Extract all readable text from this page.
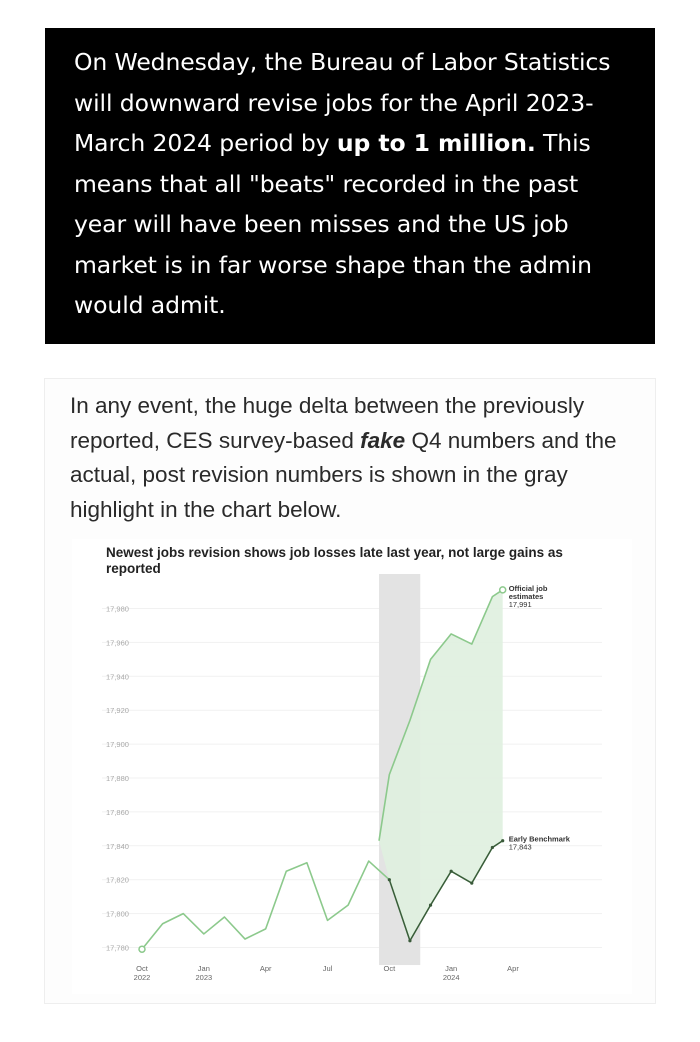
On Wednesday, the Bureau of Labor Statistics will downward revise jobs for the April 2023-March 2024 period by up to 1 million. This means that all "beats" recorded in the past year will have been misses and the US job market is in far worse shape than the admin would admit.
In any event, the huge delta between the previously reported, CES survey-based fake Q4 numbers and the actual, post revision numbers is shown in the gray highlight in the chart below.
17,780
17,800
17,820
17,840
17,860
17,880
17,900
17,920
17,940
17,960
17,980
Official job
estimates
17,991
Early Benchmark
17,843
Oct
2022
Jan
2023
Apr	Jul	Oct	Jan
2024
Apr
Newest jobs revision shows job losses late last year, not large gains as reported
